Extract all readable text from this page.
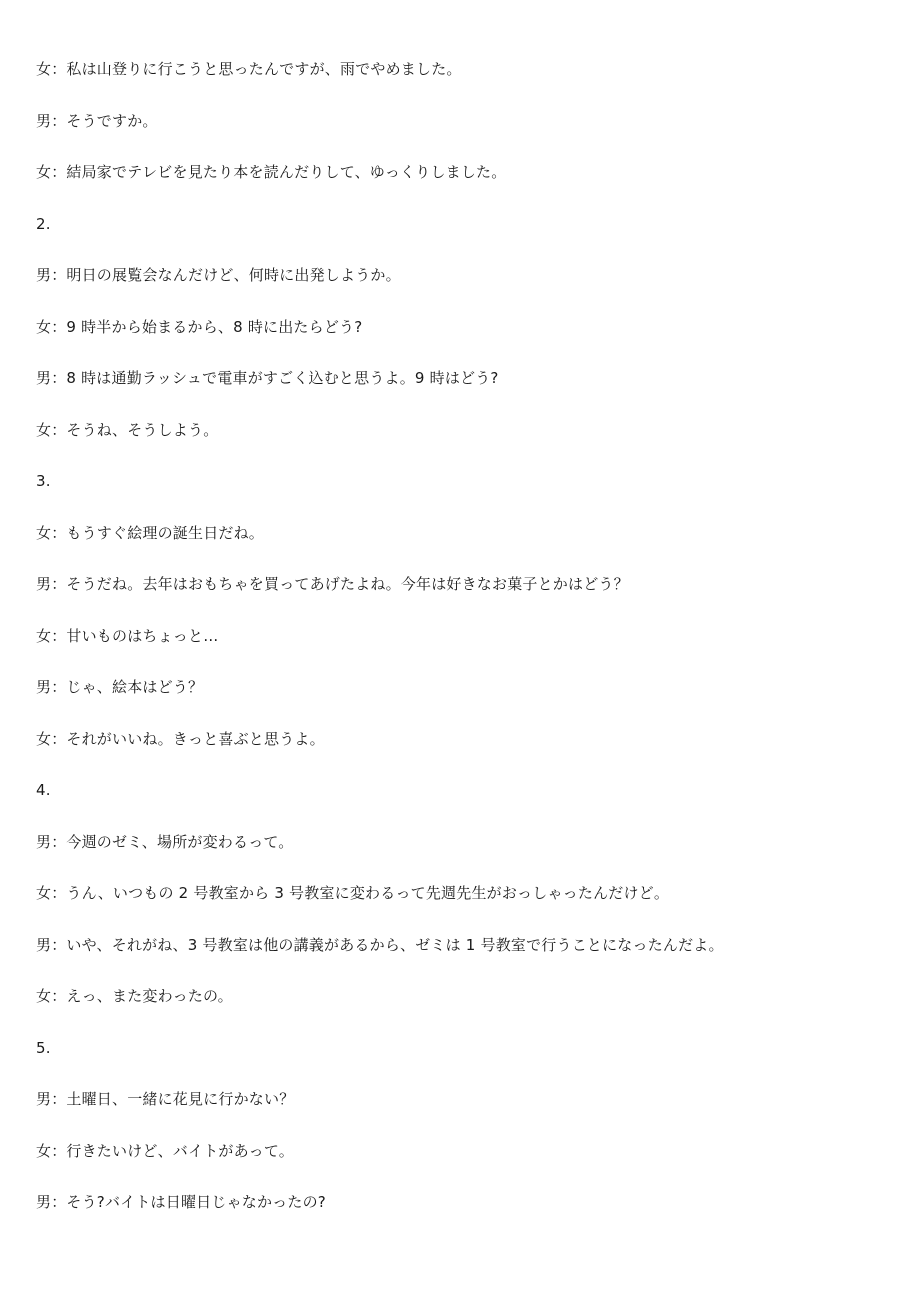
女：私は山登りに行こうと思ったんですが、雨でやめました。
男：そうですか。
女：結局家でテレビを見たり本を読んだりして、ゆっくりしました。
2.
男：明日の展覧会なんだけど、何時に出発しようか。
女：9 時半から始まるから、8 時に出たらどう?
男：8 時は通勤ラッシュで電車がすごく込むと思うよ。9 時はどう?
女：そうね、そうしよう。
3.
女：もうすぐ絵理の誕生日だね。
男：そうだね。去年はおもちゃを買ってあげたよね。今年は好きなお菓子とかはどう？
女：甘いものはちょっと…
男：じゃ、絵本はどう？
女：それがいいね。きっと喜ぶと思うよ。
4.
男：今週のゼミ、場所が変わるって。
女：うん、いつもの 2 号教室から 3 号教室に変わるって先週先生がおっしゃったんだけど。
男：いや、それがね、3 号教室は他の講義があるから、ゼミは 1 号教室で行うことになったんだよ。
女：えっ、また変わったの。
5.
男：土曜日、一緒に花見に行かない？
女：行きたいけど、バイトがあって。
男：そう?バイトは日曜日じゃなかったの?
